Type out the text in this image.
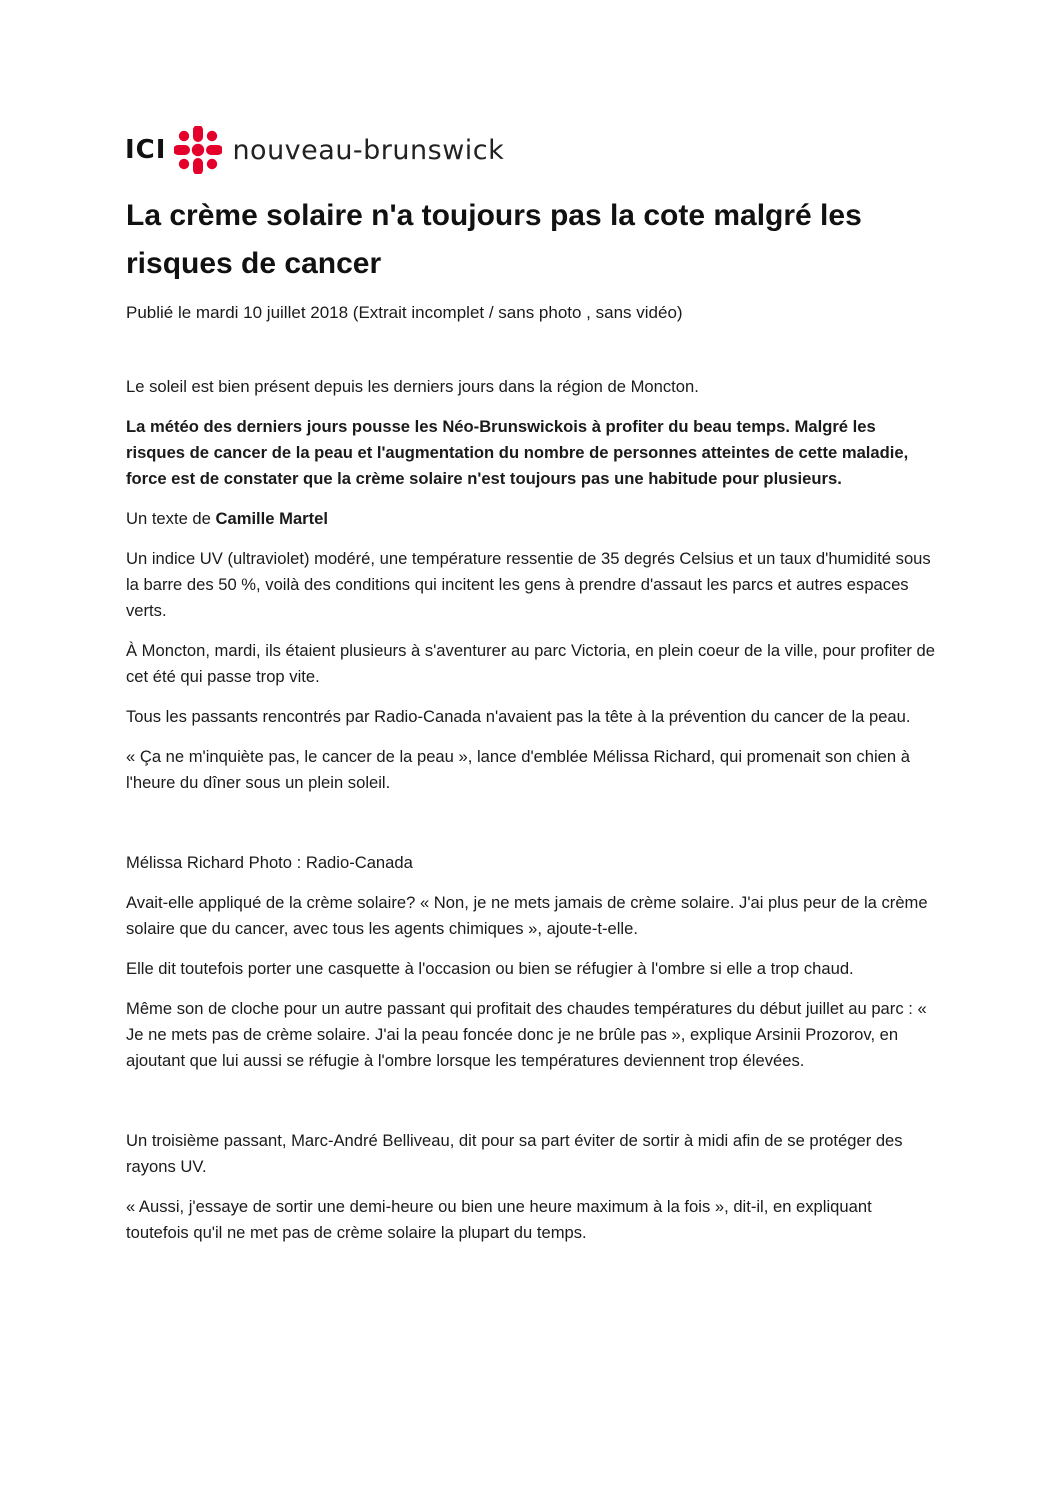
ICI nouveau-brunswick
La crème solaire n'a toujours pas la cote malgré les risques de cancer

Publié le mardi 10 juillet 2018 (Extrait incomplet / sans photo , sans vidéo)

Le soleil est bien présent depuis les derniers jours dans la région de Moncton.

La météo des derniers jours pousse les Néo-Brunswickois à profiter du beau temps. Malgré les risques de cancer de la peau et l'augmentation du nombre de personnes atteintes de cette maladie, force est de constater que la crème solaire n'est toujours pas une habitude pour plusieurs.

Un texte de Camille Martel

Un indice UV (ultraviolet) modéré, une température ressentie de 35 degrés Celsius et un taux d'humidité sous la barre des 50 %, voilà des conditions qui incitent les gens à prendre d'assaut les parcs et autres espaces verts.

À Moncton, mardi, ils étaient plusieurs à s'aventurer au parc Victoria, en plein coeur de la ville, pour profiter de cet été qui passe trop vite.

Tous les passants rencontrés par Radio-Canada n'avaient pas la tête à la prévention du cancer de la peau.

« Ça ne m'inquiète pas, le cancer de la peau », lance d'emblée Mélissa Richard, qui promenait son chien à l'heure du dîner sous un plein soleil.

Mélissa Richard Photo : Radio-Canada

Avait-elle appliqué de la crème solaire? « Non, je ne mets jamais de crème solaire. J'ai plus peur de la crème solaire que du cancer, avec tous les agents chimiques », ajoute-t-elle.

Elle dit toutefois porter une casquette à l'occasion ou bien se réfugier à l'ombre si elle a trop chaud.

Même son de cloche pour un autre passant qui profitait des chaudes températures du début juillet au parc : « Je ne mets pas de crème solaire. J'ai la peau foncée donc je ne brûle pas », explique Arsinii Prozorov, en ajoutant que lui aussi se réfugie à l'ombre lorsque les températures deviennent trop élevées.

Un troisième passant, Marc-André Belliveau, dit pour sa part éviter de sortir à midi afin de se protéger des rayons UV.

« Aussi, j'essaye de sortir une demi-heure ou bien une heure maximum à la fois », dit-il, en expliquant toutefois qu'il ne met pas de crème solaire la plupart du temps.
